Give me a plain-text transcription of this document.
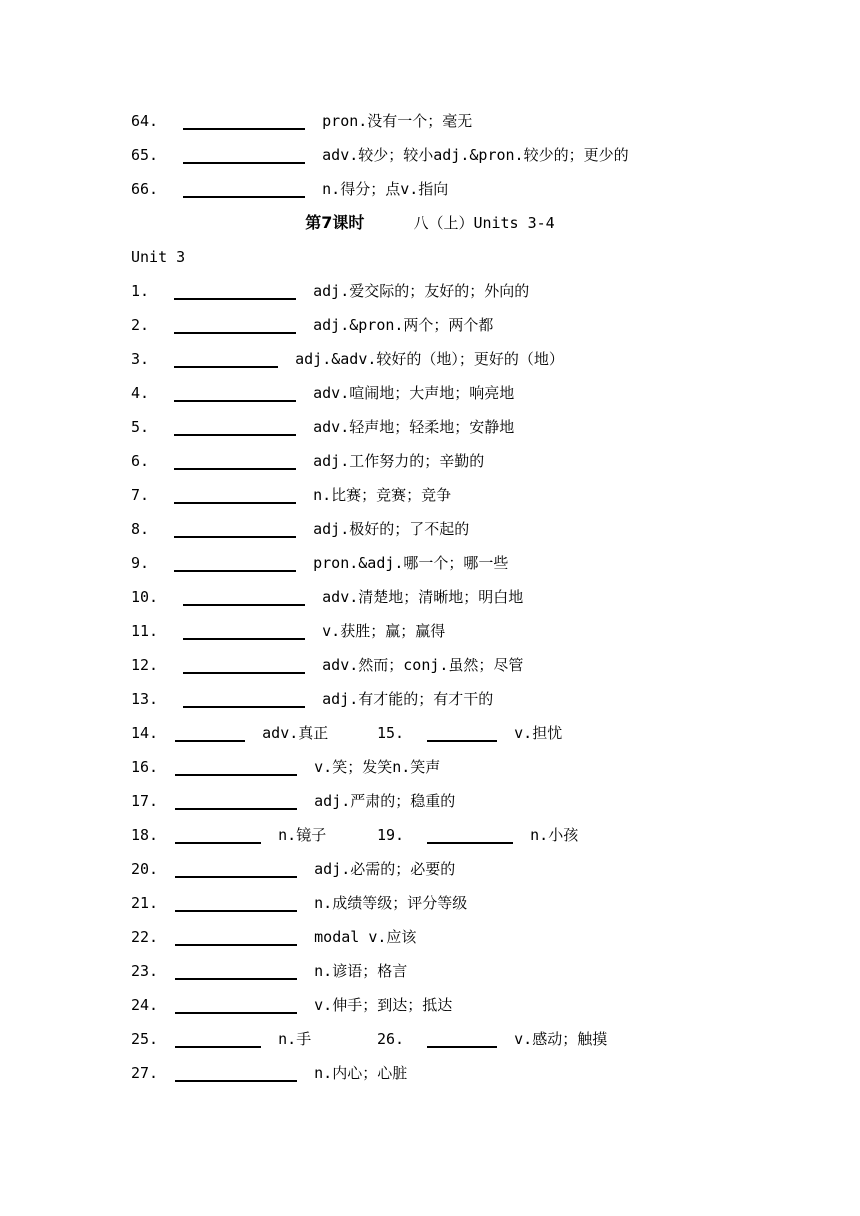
64.	pron.没有一个；毫无
65.	adv.较少；较小adj.&pron.较少的；更少的
66.	n.得分；点v.指向
第7课时	八（上）Units 3-4
Unit 3
1.	adj.爱交际的；友好的；外向的
2.	adj.&pron.两个；两个都
3.	adj.&adv.较好的（地）；更好的（地）
4.	adv.喧闹地；大声地；响亮地
5.	adv.轻声地；轻柔地；安静地
6.	adj.工作努力的；辛勤的
7.	n.比赛；竞赛；竞争
8.	adj.极好的；了不起的
9.	pron.&adj.哪一个；哪一些
10.	adv.清楚地；清晰地；明白地
11.	v.获胜；赢；赢得
12.	adv.然而；conj.虽然；尽管
13.	adj.有才能的；有才干的
14.	adv.真正	15.	v.担忧
16.	v.笑；发笑n.笑声
17.	adj.严肃的；稳重的
18.	n.镜子	19.	n.小孩
20.	adj.必需的；必要的
21.	n.成绩等级；评分等级
22.	modal v.应该
23.	n.谚语；格言
24.	v.伸手；到达；抵达
25.	n.手	26.	v.感动；触摸
27.	n.内心；心脏
